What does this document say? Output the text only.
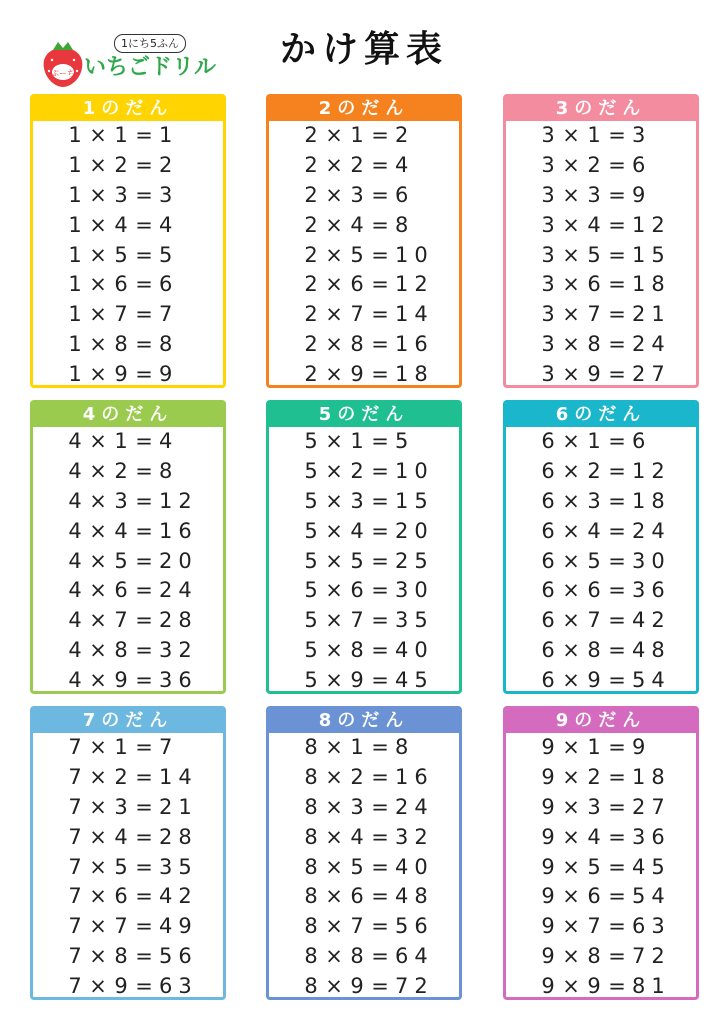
ぷーち
1にち5ふん
いちごドリル	かけ算表
1のだん
1 × 1 = 1
1 × 2 = 2
1 × 3 = 3
1 × 4 = 4
1 × 5 = 5
1 × 6 = 6
1 × 7 = 7
1 × 8 = 8
1 × 9 = 9
2のだん
2 × 1 = 2
2 × 2 = 4
2 × 3 = 6
2 × 4 = 8
2 × 5 = 10
2 × 6 = 12
2 × 7 = 14
2 × 8 = 16
2 × 9 = 18
3のだん
3 × 1 = 3
3 × 2 = 6
3 × 3 = 9
3 × 4 = 12
3 × 5 = 15
3 × 6 = 18
3 × 7 = 21
3 × 8 = 24
3 × 9 = 27
4のだん
4 × 1 = 4
4 × 2 = 8
4 × 3 = 12
4 × 4 = 16
4 × 5 = 20
4 × 6 = 24
4 × 7 = 28
4 × 8 = 32
4 × 9 = 36
5のだん
5 × 1 = 5
5 × 2 = 10
5 × 3 = 15
5 × 4 = 20
5 × 5 = 25
5 × 6 = 30
5 × 7 = 35
5 × 8 = 40
5 × 9 = 45
6のだん
6 × 1 = 6
6 × 2 = 12
6 × 3 = 18
6 × 4 = 24
6 × 5 = 30
6 × 6 = 36
6 × 7 = 42
6 × 8 = 48
6 × 9 = 54
7のだん
7 × 1 = 7
7 × 2 = 14
7 × 3 = 21
7 × 4 = 28
7 × 5 = 35
7 × 6 = 42
7 × 7 = 49
7 × 8 = 56
7 × 9 = 63
8のだん
8 × 1 = 8
8 × 2 = 16
8 × 3 = 24
8 × 4 = 32
8 × 5 = 40
8 × 6 = 48
8 × 7 = 56
8 × 8 = 64
8 × 9 = 72
9のだん
9 × 1 = 9
9 × 2 = 18
9 × 3 = 27
9 × 4 = 36
9 × 5 = 45
9 × 6 = 54
9 × 7 = 63
9 × 8 = 72
9 × 9 = 81
